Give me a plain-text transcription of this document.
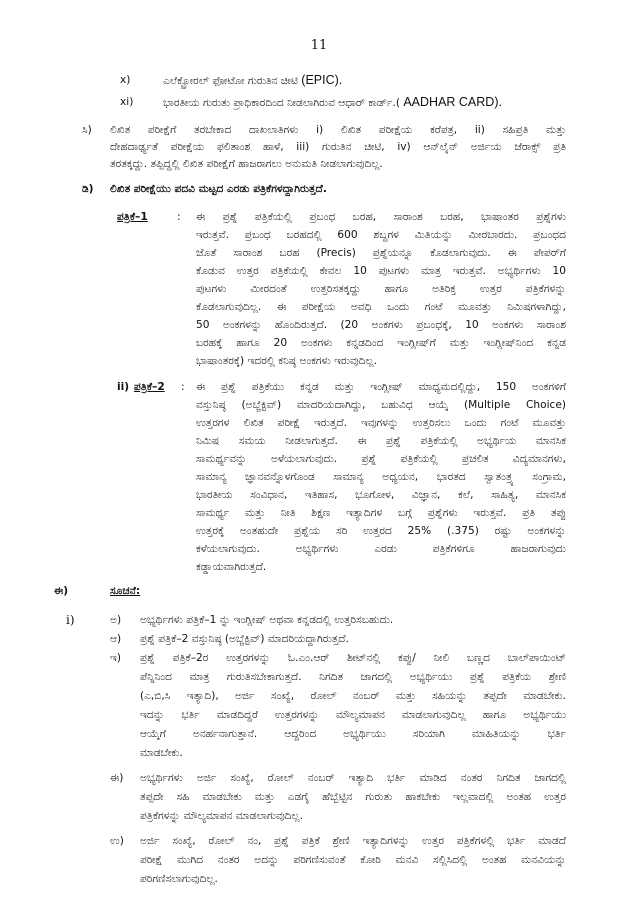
11
x)	ಎಲೆಕ್ಟ್ರೋರಲ್ ಫೋಟೋ ಗುರುತಿನ ಚೀಟಿ (EPIC).
xi)	ಭಾರತೀಯ ಗುರುತು ಪ್ರಾಧಿಕಾರದಿಂದ ನೀಡಲಾಗಿರುವ ಆಧಾರ್ ಕಾರ್ಡ್.( AADHAR CARD).
ಸಿ) ಲಿಖಿತ ಪರೀಕ್ಷೆಗೆ ತರಬೇಕಾದ ದಾಖಲಾತಿಗಳು i) ಲಿಖಿತ ಪರೀಕ್ಷೆಯ ಕರೆಪತ್ರ, ii) ಸಹಿಪ್ರತಿ ಮತ್ತು
ದೇಹದಾರ್ಢ್ಯತೆ ಪರೀಕ್ಷೆಯ ಫಲಿತಾಂಶ ಹಾಳೆ, iii) ಗುರುತಿನ ಚೀಟಿ, iv) ಆನ್‌ಲೈನ್ ಅರ್ಜಿಯ ಜೆರಾಕ್ಸ್ ಪ್ರತಿ
ತರತಕ್ಕದ್ದು. ತಪ್ಪಿದ್ದಲ್ಲಿ ಲಿಖಿತ ಪರೀಕ್ಷೆಗೆ ಹಾಜರಾಗಲು ಅನುಮತಿ ನೀಡಲಾಗುವುದಿಲ್ಲ.
ಡಿ) ಲಿಖಿತ ಪರೀಕ್ಷೆಯು ಪದವಿ ಮಟ್ಟದ ಎರಡು ಪತ್ರಿಕೆಗಳದ್ದಾಗಿರುತ್ತದೆ.
ಪತ್ರಿಕೆ–1	: ಈ ಪ್ರಶ್ನೆ ಪತ್ರಿಕೆಯಲ್ಲಿ ಪ್ರಬಂಧ ಬರಹ, ಸಾರಾಂಶ ಬರಹ, ಭಾಷಾಂತರ ಪ್ರಶ್ನೆಗಳು
ಇರುತ್ತವೆ. ಪ್ರಬಂಧ ಬರಹದಲ್ಲಿ 600 ಶಬ್ದಗಳ ಮಿತಿಯನ್ನು ಮೀರಬಾರದು. ಪ್ರಬಂಧದ
ಜೊತೆ ಸಾರಾಂಶ ಬರಹ (Precis) ಪ್ರಶ್ನೆಯನ್ನೂ ಕೊಡಲಾಗುವುದು. ಈ ಪೇಪರ್‌ಗೆ
ಕೊಡುವ ಉತ್ತರ ಪತ್ರಿಕೆಯಲ್ಲಿ ಕೇವಲ 10 ಪುಟಗಳು ಮಾತ್ರ ಇರುತ್ತವೆ. ಅಭ್ಯರ್ಥಿಗಳು 10
ಪುಟಗಳು ಮೀರದಂತೆ ಉತ್ತರಿಸತಕ್ಕದ್ದು ಹಾಗೂ ಅತಿರಿಕ್ತ ಉತ್ತರ ಪತ್ರಿಕೆಗಳನ್ನು
ಕೊಡಲಾಗುವುದಿಲ್ಲ. ಈ ಪರೀಕ್ಷೆಯ ಅವಧಿ ಒಂದು ಗಂಟೆ ಮೂವತ್ತು ನಿಮಿಷಗಳಾಗಿದ್ದು,
50 ಅಂಕಗಳನ್ನು ಹೊಂದಿರುತ್ತದೆ. (20 ಅಂಕಗಳು ಪ್ರಬಂಧಕ್ಕೆ, 10 ಅಂಕಗಳು ಸಾರಾಂಶ
ಬರಹಕ್ಕೆ ಹಾಗೂ 20 ಅಂಕಗಳು ಕನ್ನಡದಿಂದ ಇಂಗ್ಲೀಷ್‌ಗೆ ಮತ್ತು ಇಂಗ್ಲೀಷ್‌ನಿಂದ ಕನ್ನಡ
ಭಾಷಾಂತರಕ್ಕೆ) ಇದರಲ್ಲಿ ಕನಿಷ್ಠ ಅಂಕಗಳು ಇರುವುದಿಲ್ಲ.
ii) ಪತ್ರಿಕೆ–2 : ಈ ಪ್ರಶ್ನೆ ಪತ್ರಿಕೆಯು ಕನ್ನಡ ಮತ್ತು ಇಂಗ್ಲೀಷ್ ಮಾಧ್ಯಮದಲ್ಲಿದ್ದು, 150 ಅಂಕಗಳಿಗೆ
ವಸ್ತುನಿಷ್ಠ (ಅಬ್ಜೆಕ್ಟಿವ್) ಮಾದರಿಯದಾಗಿದ್ದು, ಬಹುವಿಧ ಆಯ್ಕೆ (Multiple Choice)
ಉತ್ತರಗಳ ಲಿಖಿತ ಪರೀಕ್ಷೆ ಇರುತ್ತದೆ. ಇವುಗಳನ್ನು ಉತ್ತರಿಸಲು ಒಂದು ಗಂಟೆ ಮೂವತ್ತು
ನಿಮಿಷ ಸಮಯ ನೀಡಲಾಗುತ್ತದೆ. ಈ ಪ್ರಶ್ನೆ ಪತ್ರಿಕೆಯಲ್ಲಿ ಅಭ್ಯರ್ಥಿಯ ಮಾನಸಿಕ
ಸಾಮರ್ಥ್ಯವನ್ನು ಅಳೆಯಲಾಗುವುದು. ಪ್ರಶ್ನೆ ಪತ್ರಿಕೆಯಲ್ಲಿ ಪ್ರಚಲಿತ ವಿದ್ಯಮಾನಗಳು,
ಸಾಮಾನ್ಯ ಜ್ಞಾನವನ್ನೊಳಗೊಂಡ ಸಾಮಾನ್ಯ ಅಧ್ಯಯನ, ಭಾರತದ ಸ್ವಾತಂತ್ರ್ಯ ಸಂಗ್ರಾಮ,
ಭಾರತೀಯ ಸಂವಿಧಾನ, ಇತಿಹಾಸ, ಭೂಗೋಳ, ವಿಜ್ಞಾನ, ಕಲೆ, ಸಾಹಿತ್ಯ, ಮಾನಸಿಕ
ಸಾಮರ್ಥ್ಯ ಮತ್ತು ನೀತಿ ಶಿಕ್ಷಣ ಇತ್ಯಾದಿಗಳ ಬಗ್ಗೆ ಪ್ರಶ್ನೆಗಳು ಇರುತ್ತವೆ. ಪ್ರತಿ ತಪ್ಪು
ಉತ್ತರಕ್ಕೆ ಅಂತಹುದೇ ಪ್ರಶ್ನೆಯ ಸರಿ ಉತ್ತರದ 25% (.375) ರಷ್ಟು ಅಂಕಗಳನ್ನು
ಕಳೆಯಲಾಗುವುದು. ಅಭ್ಯರ್ಥಿಗಳು ಎರಡು ಪತ್ರಿಕೆಗಳಿಗೂ ಹಾಜರಾಗುವುದು
ಕಡ್ಡಾಯವಾಗಿರುತ್ತದೆ.
ಈ)	ಸೂಚನೆ:
i)	ಅ) ಅಭ್ಯರ್ಥಿಗಳು ಪತ್ರಿಕೆ–1 ನ್ನು ಇಂಗ್ಲೀಷ್ ಅಥವಾ ಕನ್ನಡದಲ್ಲಿ ಉತ್ತರಿಸಬಹುದು.
ಆ) ಪ್ರಶ್ನೆ ಪತ್ರಿಕೆ–2 ವಸ್ತುನಿಷ್ಠ (ಅಬ್ಜೆಕ್ಟಿವ್) ಮಾದರಿಯದ್ದಾಗಿರುತ್ತದೆ.
ಇ) ಪ್ರಶ್ನೆ ಪತ್ರಿಕೆ–2ರ ಉತ್ತರಗಳನ್ನು ಓ.ಎಂ.ಆರ್ ಶೀಟ್‌ನಲ್ಲಿ ಕಪ್ಪು/ ನೀಲಿ ಬಣ್ಣದ ಬಾಲ್‌ಪಾಯಿಂಟ್
ಪೆನ್ನಿನಿಂದ ಮಾತ್ರ ಗುರುತಿಸಬೇಕಾಗುತ್ತದೆ. ನಿಗದಿತ ಜಾಗದಲ್ಲಿ ಅಭ್ಯರ್ಥಿಯು ಪ್ರಶ್ನೆ ಪತ್ರಿಕೆಯ ಶ್ರೇಣಿ
(ಎ,ಬಿ,ಸಿ ಇತ್ಯಾದಿ), ಅರ್ಜಿ ಸಂಖ್ಯೆ, ರೋಲ್ ನಂಬರ್ ಮತ್ತು ಸಹಿಯನ್ನು ತಪ್ಪದೇ ಮಾಡಬೇಕು.
ಇದನ್ನು ಭರ್ತಿ ಮಾಡದಿದ್ದರೆ ಉತ್ತರಗಳನ್ನು ಮೌಲ್ಯಮಾಪನ ಮಾಡಲಾಗುವುದಿಲ್ಲ ಹಾಗೂ ಅಭ್ಯರ್ಥಿಯು
ಆಯ್ಕೆಗೆ ಅನರ್ಹನಾಗುತ್ತಾನೆ. ಆದ್ದರಿಂದ ಅಭ್ಯರ್ಥಿಯು ಸರಿಯಾಗಿ ಮಾಹಿತಿಯನ್ನು ಭರ್ತಿ
ಮಾಡಬೇಕು.
ಈ) ಅಭ್ಯರ್ಥಿಗಳು ಅರ್ಜಿ ಸಂಖ್ಯೆ, ರೋಲ್ ನಂಬರ್ ಇತ್ಯಾದಿ ಭರ್ತಿ ಮಾಡಿದ ನಂತರ ನಿಗದಿತ ಜಾಗದಲ್ಲಿ
ತಪ್ಪದೇ ಸಹಿ ಮಾಡಬೇಕು ಮತ್ತು ಎಡಗೈ ಹೆಬ್ಬೆಟ್ಟಿನ ಗುರುತು ಹಾಕಬೇಕು ಇಲ್ಲವಾದಲ್ಲಿ ಅಂತಹ ಉತ್ತರ
ಪತ್ರಿಕೆಗಳನ್ನು ಮೌಲ್ಯಮಾಪನ ಮಾಡಲಾಗುವುದಿಲ್ಲ.
ಉ) ಅರ್ಜಿ ಸಂಖ್ಯೆ, ರೋಲ್ ನಂ, ಪ್ರಶ್ನೆ ಪತ್ರಿಕೆ ಶ್ರೇಣಿ ಇತ್ಯಾದಿಗಳನ್ನು ಉತ್ತರ ಪತ್ರಿಕೆಗಳಲ್ಲಿ ಭರ್ತಿ ಮಾಡದೆ
ಪರೀಕ್ಷೆ ಮುಗಿದ ನಂತರ ಅದನ್ನು ಪರಿಗಣಿಸುವಂತೆ ಕೋರಿ ಮನವಿ ಸಲ್ಲಿಸಿದಲ್ಲಿ ಅಂತಹ ಮನವಿಯನ್ನು
ಪರಿಗಣಿಸಲಾಗುವುದಿಲ್ಲ.
